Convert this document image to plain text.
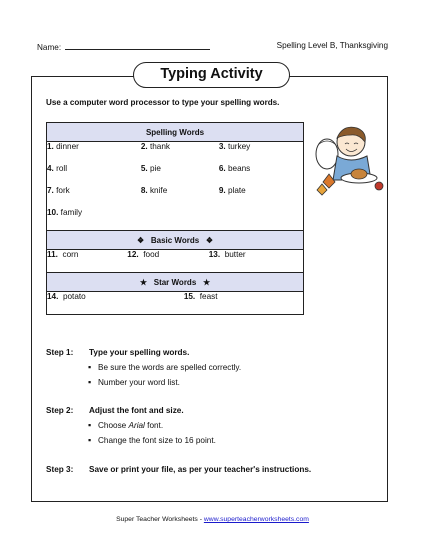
Name:	Spelling Level B, Thanksgiving
Typing Activity
Use a computer word processor to type your spelling words.
Spelling Words

1. dinner	2. thank	3. turkey
4. roll	5. pie	6. beans
7. fork	8. knife	9. plate
10. family		

❖ Basic Words ❖

11. corn	12. food	13. butter

★ Star Words ★

14. potato	15. feast	
Step 1: Type your spelling words.
▪ Be sure the words are spelled correctly.
▪ Number your word list.
Step 2: Adjust the font and size.
▪ Choose Arial font.
▪ Change the font size to 16 point.
Step 3: Save or print your file, as per your teacher's instructions.
Super Teacher Worksheets - www.superteacherworksheets.com
